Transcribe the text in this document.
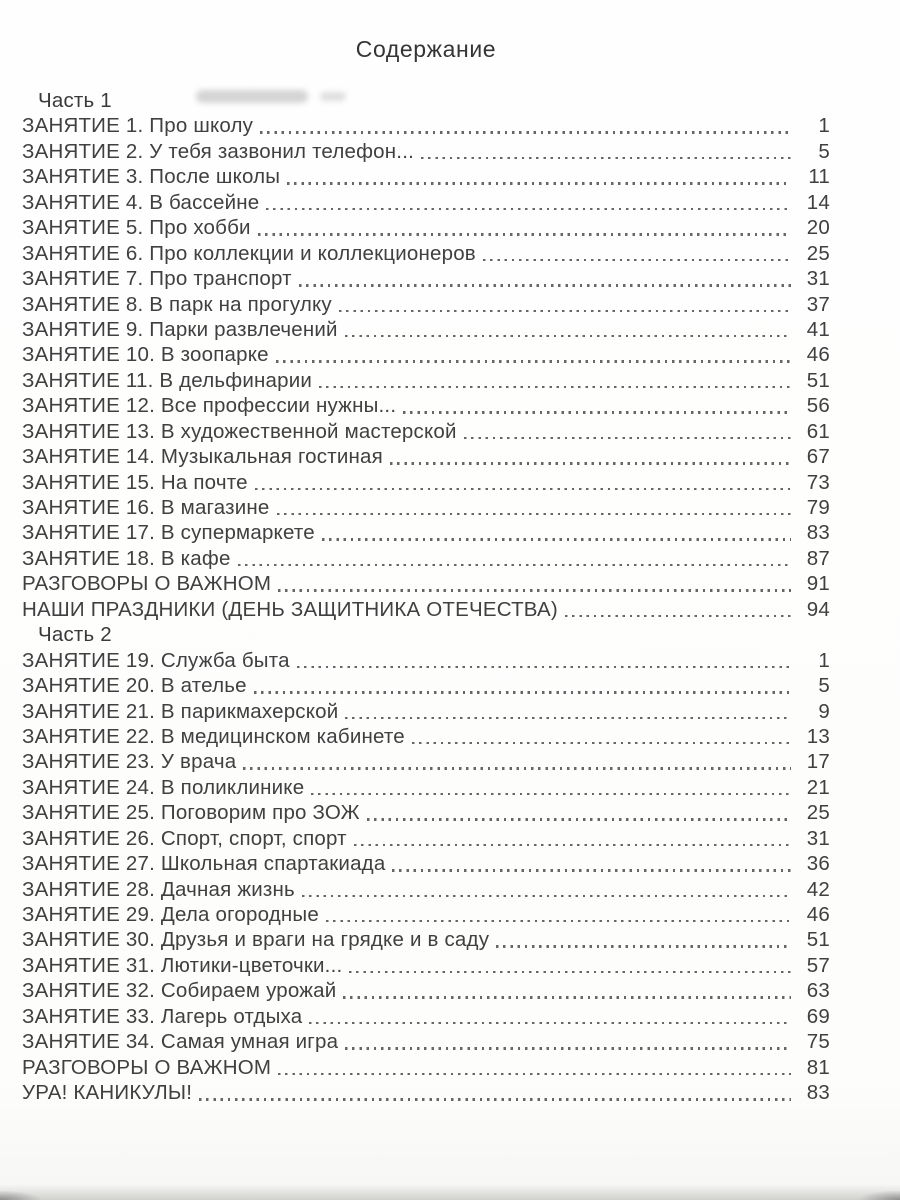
Содержание
Часть 1
ЗАНЯТИЕ 1. Про школу	1
ЗАНЯТИЕ 2. У тебя зазвонил телефон...	5
ЗАНЯТИЕ 3. После школы	11
ЗАНЯТИЕ 4. В бассейне	14
ЗАНЯТИЕ 5. Про хобби	20
ЗАНЯТИЕ 6. Про коллекции и коллекционеров	25
ЗАНЯТИЕ 7. Про транспорт	31
ЗАНЯТИЕ 8. В парк на прогулку	37
ЗАНЯТИЕ 9. Парки развлечений	41
ЗАНЯТИЕ 10. В зоопарке	46
ЗАНЯТИЕ 11. В дельфинарии	51
ЗАНЯТИЕ 12. Все профессии нужны...	56
ЗАНЯТИЕ 13. В художественной мастерской	61
ЗАНЯТИЕ 14. Музыкальная гостиная	67
ЗАНЯТИЕ 15. На почте	73
ЗАНЯТИЕ 16. В магазине	79
ЗАНЯТИЕ 17. В супермаркете	83
ЗАНЯТИЕ 18. В кафе	87
РАЗГОВОРЫ О ВАЖНОМ	91
НАШИ ПРАЗДНИКИ (ДЕНЬ ЗАЩИТНИКА ОТЕЧЕСТВА)	94
Часть 2
ЗАНЯТИЕ 19. Служба быта	1
ЗАНЯТИЕ 20. В ателье	5
ЗАНЯТИЕ 21. В парикмахерской	9
ЗАНЯТИЕ 22. В медицинском кабинете	13
ЗАНЯТИЕ 23. У врача	17
ЗАНЯТИЕ 24. В поликлинике	21
ЗАНЯТИЕ 25. Поговорим про ЗОЖ	25
ЗАНЯТИЕ 26. Спорт, спорт, спорт	31
ЗАНЯТИЕ 27. Школьная спартакиада	36
ЗАНЯТИЕ 28. Дачная жизнь	42
ЗАНЯТИЕ 29. Дела огородные	46
ЗАНЯТИЕ 30. Друзья и враги на грядке и в саду	51
ЗАНЯТИЕ 31. Лютики-цветочки...	57
ЗАНЯТИЕ 32. Собираем урожай	63
ЗАНЯТИЕ 33. Лагерь отдыха	69
ЗАНЯТИЕ 34. Самая умная игра	75
РАЗГОВОРЫ О ВАЖНОМ	81
УРА! КАНИКУЛЫ!	83
